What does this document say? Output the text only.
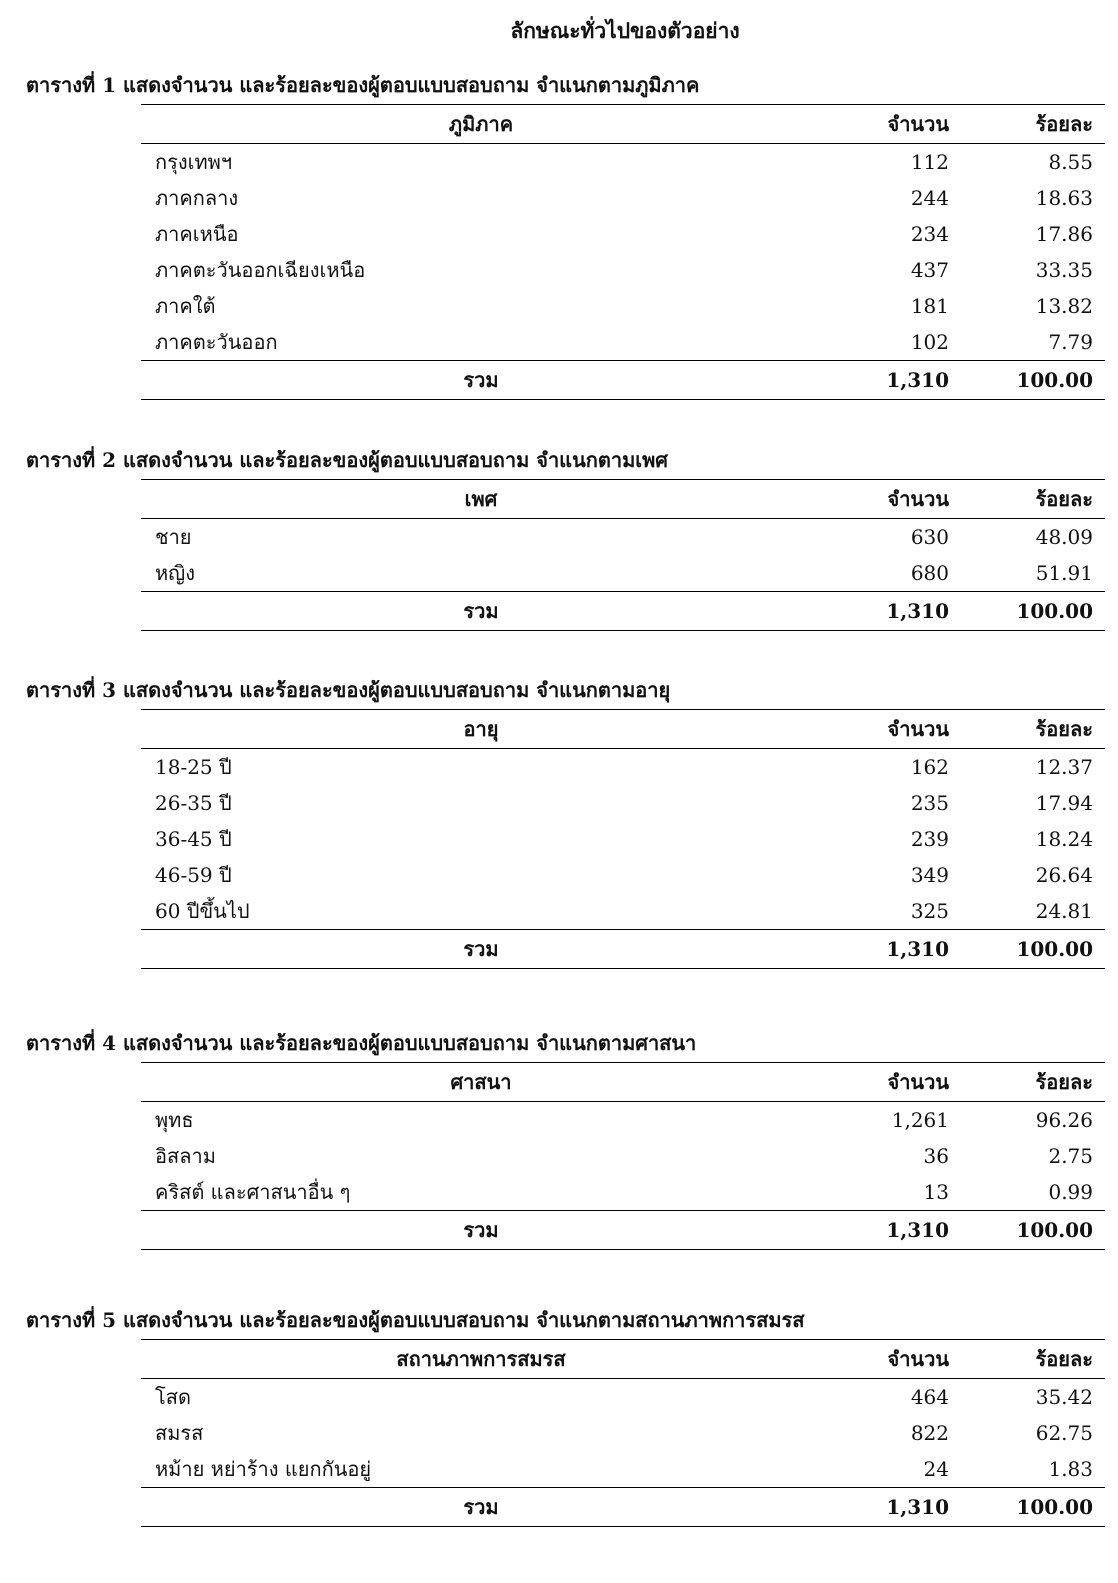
ลักษณะทั่วไปของตัวอย่าง
ตารางที่ 1 แสดงจำนวน และร้อยละของผู้ตอบแบบสอบถาม จำแนกตามภูมิภาค
ภูมิภาค	จำนวน	ร้อยละ
กรุงเทพฯ	112	8.55
ภาคกลาง	244	18.63
ภาคเหนือ	234	17.86
ภาคตะวันออกเฉียงเหนือ	437	33.35
ภาคใต้	181	13.82
ภาคตะวันออก	102	7.79
รวม	1,310	100.00
ตารางที่ 2 แสดงจำนวน และร้อยละของผู้ตอบแบบสอบถาม จำแนกตามเพศ
เพศ	จำนวน	ร้อยละ
ชาย	630	48.09
หญิง	680	51.91
รวม	1,310	100.00
ตารางที่ 3 แสดงจำนวน และร้อยละของผู้ตอบแบบสอบถาม จำแนกตามอายุ
อายุ	จำนวน	ร้อยละ
18-25 ปี	162	12.37
26-35 ปี	235	17.94
36-45 ปี	239	18.24
46-59 ปี	349	26.64
60 ปีขึ้นไป	325	24.81
รวม	1,310	100.00
ตารางที่ 4 แสดงจำนวน และร้อยละของผู้ตอบแบบสอบถาม จำแนกตามศาสนา
ศาสนา	จำนวน	ร้อยละ
พุทธ	1,261	96.26
อิสลาม	36	2.75
คริสต์ และศาสนาอื่น ๆ	13	0.99
รวม	1,310	100.00
ตารางที่ 5 แสดงจำนวน และร้อยละของผู้ตอบแบบสอบถาม จำแนกตามสถานภาพการสมรส
สถานภาพการสมรส	จำนวน	ร้อยละ
โสด	464	35.42
สมรส	822	62.75
หม้าย หย่าร้าง แยกกันอยู่	24	1.83
รวม	1,310	100.00
